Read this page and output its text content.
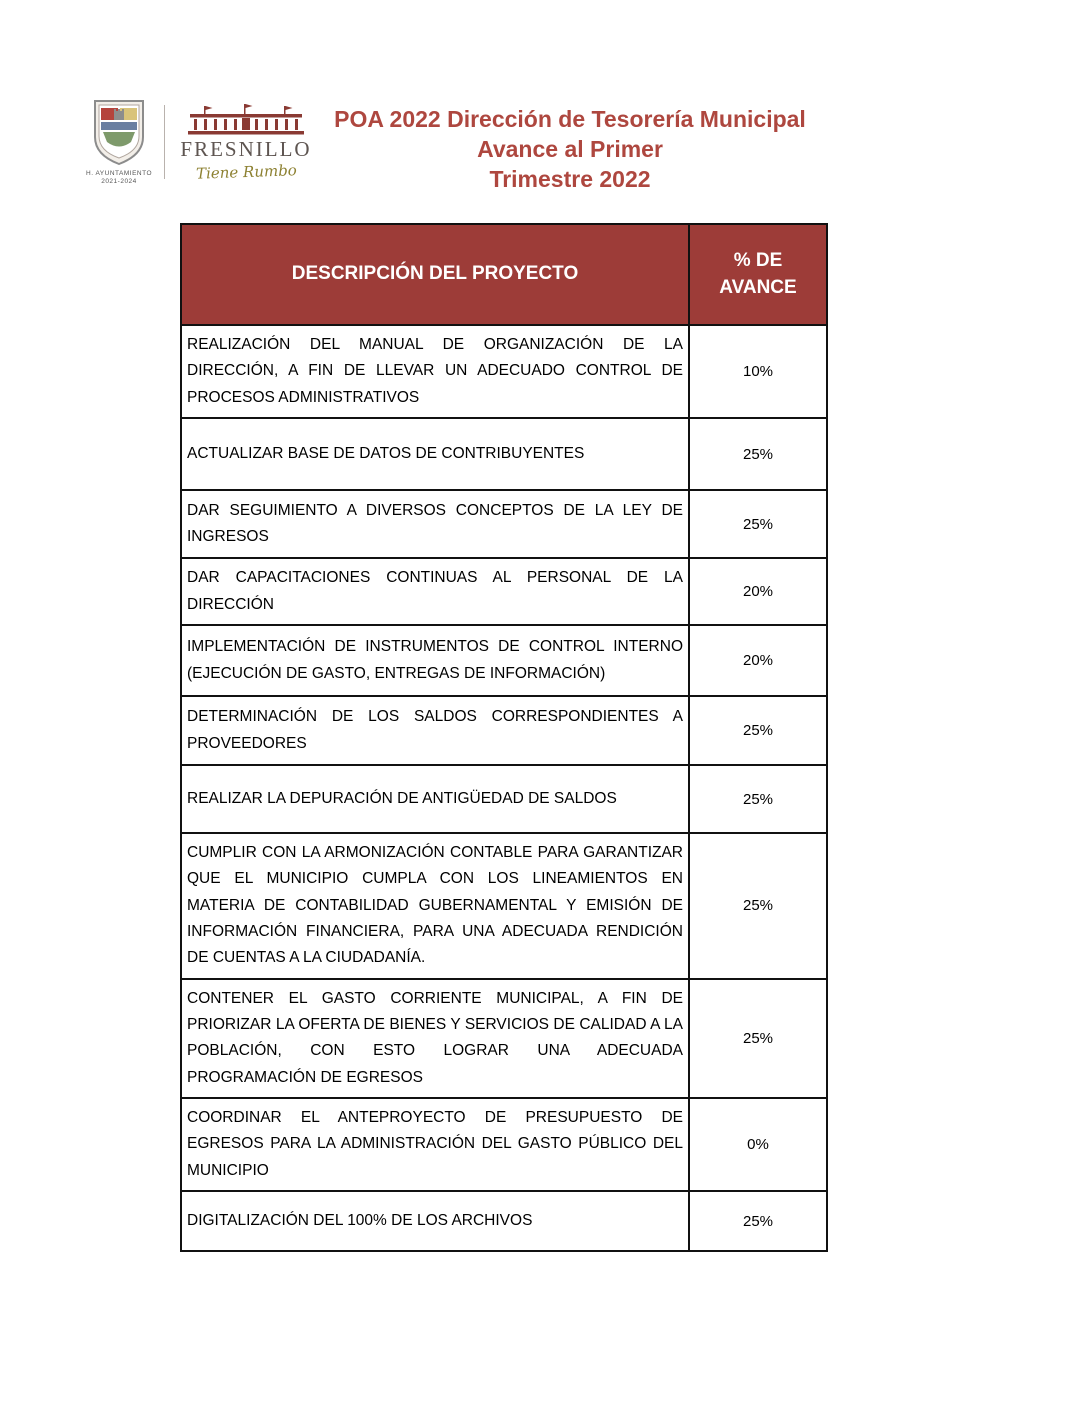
H. AYUNTAMIENTO
2021-2024
FRESNILLO
Tiene Rumbo
POA 2022 Dirección de Tesorería Municipal
Avance al Primer
Trimestre 2022
DESCRIPCIÓN DEL PROYECTO	% DE AVANCE
REALIZACIÓN DEL MANUAL DE ORGANIZACIÓN DE LA DIRECCIÓN, A FIN DE LLEVAR UN ADECUADO CONTROL DE PROCESOS ADMINISTRATIVOS	10%
ACTUALIZAR BASE DE DATOS DE CONTRIBUYENTES	25%
DAR SEGUIMIENTO A DIVERSOS CONCEPTOS DE LA LEY DE INGRESOS	25%
DAR CAPACITACIONES CONTINUAS AL PERSONAL DE LA DIRECCIÓN	20%
IMPLEMENTACIÓN DE INSTRUMENTOS DE CONTROL INTERNO (EJECUCIÓN DE GASTO, ENTREGAS DE INFORMACIÓN)	20%
DETERMINACIÓN DE LOS SALDOS CORRESPONDIENTES A PROVEEDORES	25%
REALIZAR LA DEPURACIÓN DE ANTIGÜEDAD DE SALDOS	25%
CUMPLIR CON LA ARMONIZACIÓN CONTABLE PARA GARANTIZAR QUE EL MUNICIPIO CUMPLA CON LOS LINEAMIENTOS EN MATERIA DE CONTABILIDAD GUBERNAMENTAL Y EMISIÓN DE INFORMACIÓN FINANCIERA, PARA UNA ADECUADA RENDICIÓN DE CUENTAS A LA CIUDADANÍA.	25%
CONTENER EL GASTO CORRIENTE MUNICIPAL, A FIN DE PRIORIZAR LA OFERTA DE BIENES Y SERVICIOS DE CALIDAD A LA POBLACIÓN, CON ESTO LOGRAR UNA ADECUADA PROGRAMACIÓN DE EGRESOS	25%
COORDINAR EL ANTEPROYECTO DE PRESUPUESTO DE EGRESOS PARA LA ADMINISTRACIÓN DEL GASTO PÚBLICO DEL MUNICIPIO	0%
DIGITALIZACIÓN DEL 100% DE LOS ARCHIVOS	25%
